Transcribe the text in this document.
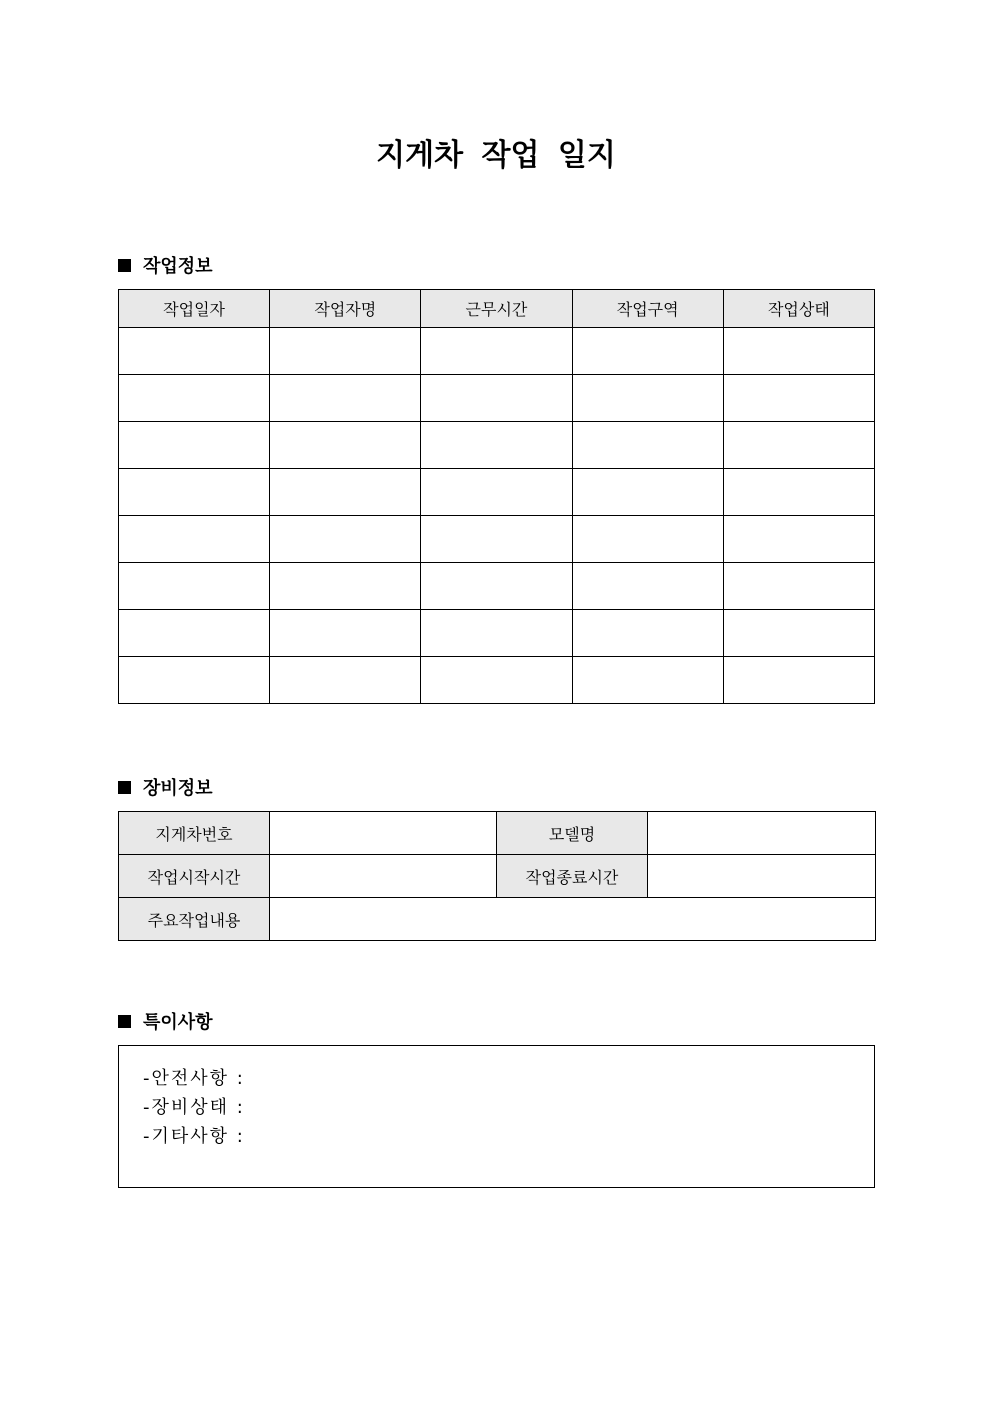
지게차 작업 일지
작업정보
작업일자	작업자명	근무시간	작업구역	작업상태

장비정보
지게차번호		모델명	
작업시작시간		작업종료시간	
주요작업내용			
특이사항
-안전사항 :
-장비상태 :
-기타사항 :
